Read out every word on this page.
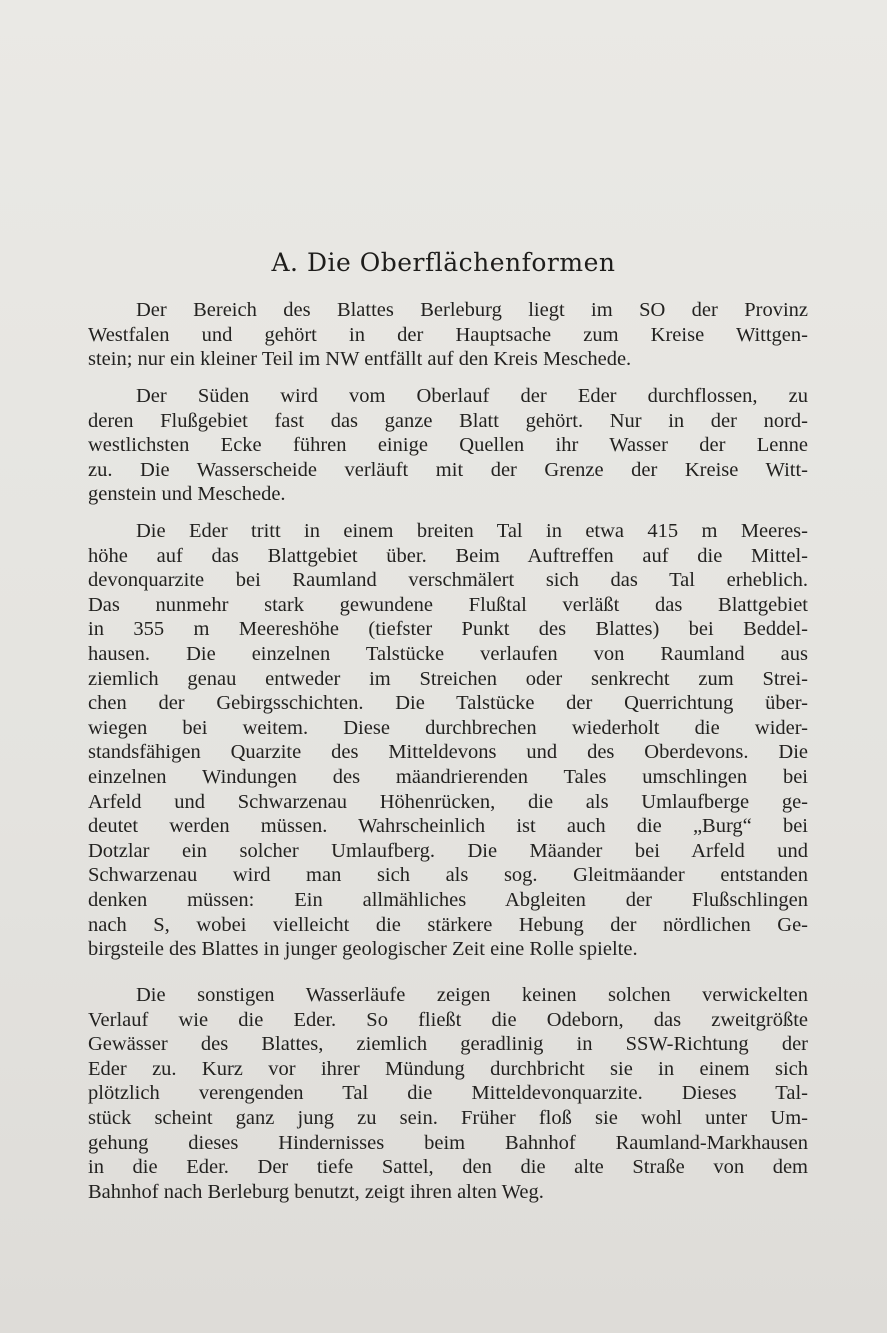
A. Die Oberflächenformen
Der Bereich des Blattes Berleburg liegt im SO der Provinz
Westfalen und gehört in der Hauptsache zum Kreise Wittgen-
stein; nur ein kleiner Teil im NW entfällt auf den Kreis Meschede.
Der Süden wird vom Oberlauf der Eder durchflossen, zu
deren Flußgebiet fast das ganze Blatt gehört. Nur in der nord-
westlichsten Ecke führen einige Quellen ihr Wasser der Lenne
zu. Die Wasserscheide verläuft mit der Grenze der Kreise Witt-
genstein und Meschede.
Die Eder tritt in einem breiten Tal in etwa 415 m Meeres-
höhe auf das Blattgebiet über. Beim Auftreffen auf die Mittel-
devonquarzite bei Raumland verschmälert sich das Tal erheblich.
Das nunmehr stark gewundene Flußtal verläßt das Blattgebiet
in 355 m Meereshöhe (tiefster Punkt des Blattes) bei Beddel-
hausen. Die einzelnen Talstücke verlaufen von Raumland aus
ziemlich genau entweder im Streichen oder senkrecht zum Strei-
chen der Gebirgsschichten. Die Talstücke der Querrichtung über-
wiegen bei weitem. Diese durchbrechen wiederholt die wider-
standsfähigen Quarzite des Mitteldevons und des Oberdevons. Die
einzelnen Windungen des mäandrierenden Tales umschlingen bei
Arfeld und Schwarzenau Höhenrücken, die als Umlaufberge ge-
deutet werden müssen. Wahrscheinlich ist auch die „Burg“ bei
Dotzlar ein solcher Umlaufberg. Die Mäander bei Arfeld und
Schwarzenau wird man sich als sog. Gleitmäander entstanden
denken müssen: Ein allmähliches Abgleiten der Flußschlingen
nach S, wobei vielleicht die stärkere Hebung der nördlichen Ge-
birgsteile des Blattes in junger geologischer Zeit eine Rolle spielte.
Die sonstigen Wasserläufe zeigen keinen solchen verwickelten
Verlauf wie die Eder. So fließt die Odeborn, das zweitgrößte
Gewässer des Blattes, ziemlich geradlinig in SSW-Richtung der
Eder zu. Kurz vor ihrer Mündung durchbricht sie in einem sich
plötzlich verengenden Tal die Mitteldevonquarzite. Dieses Tal-
stück scheint ganz jung zu sein. Früher floß sie wohl unter Um-
gehung dieses Hindernisses beim Bahnhof Raumland-Markhausen
in die Eder. Der tiefe Sattel, den die alte Straße von dem
Bahnhof nach Berleburg benutzt, zeigt ihren alten Weg.
